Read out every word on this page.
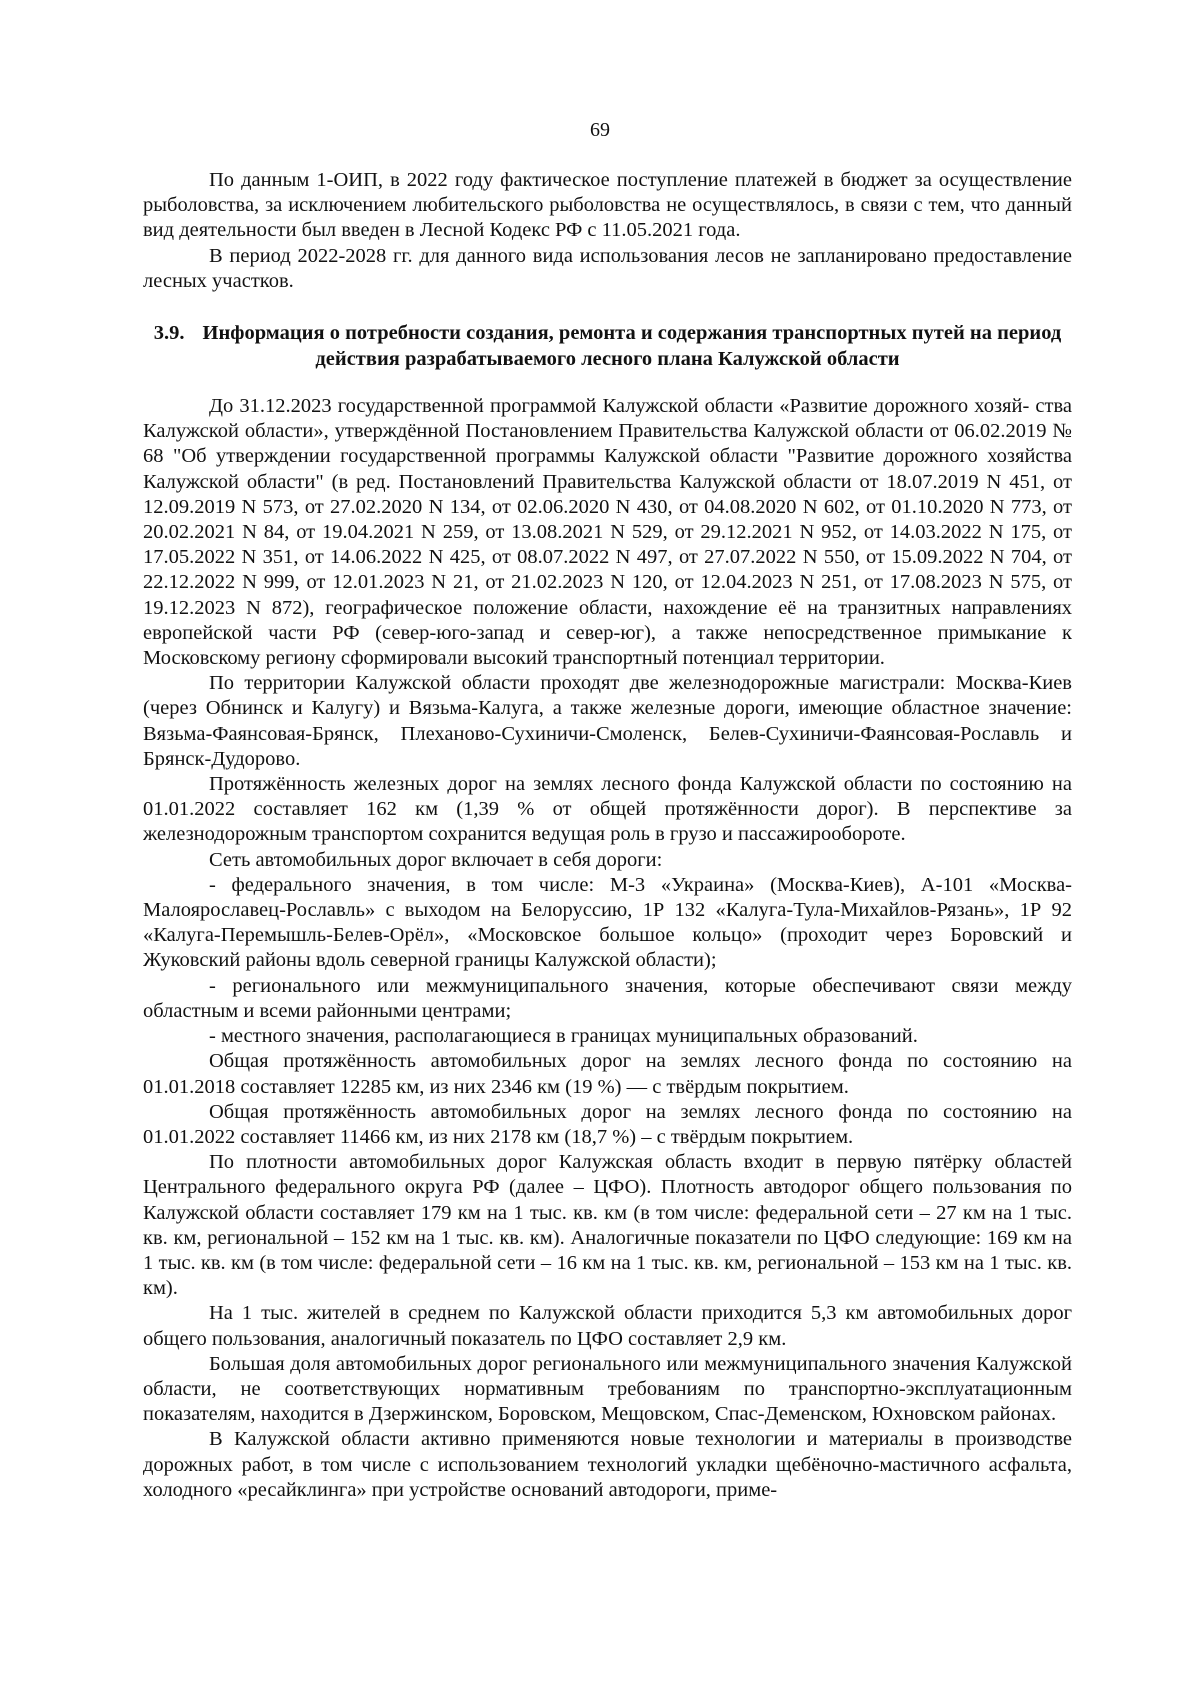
69

По данным 1-ОИП, в 2022 году фактическое поступление платежей в бюджет за осуществление рыболовства, за исключением любительского рыболовства не осуществлялось, в связи с тем, что данный вид деятельности был введен в Лесной Кодекс РФ с 11.05.2021 года.

В период 2022-2028 гг. для данного вида использования лесов не запланировано предоставление лесных участков.

3.9. Информация о потребности создания, ремонта и содержания транспортных путей на период действия разрабатываемого лесного плана Калужской области

До 31.12.2023 государственной программой Калужской области «Развитие дорожного хозяй- ства Калужской области», утверждённой Постановлением Правительства Калужской области от 06.02.2019 № 68 "Об утверждении государственной программы Калужской области "Развитие дорожного хозяйства Калужской области" (в ред. Постановлений Правительства Калужской области от 18.07.2019 N 451, от 12.09.2019 N 573, от 27.02.2020 N 134, от 02.06.2020 N 430, от 04.08.2020 N 602, от 01.10.2020 N 773, от 20.02.2021 N 84, от 19.04.2021 N 259, от 13.08.2021 N 529, от 29.12.2021 N 952, от 14.03.2022 N 175, от 17.05.2022 N 351, от 14.06.2022 N 425, от 08.07.2022 N 497, от 27.07.2022 N 550, от 15.09.2022 N 704, от 22.12.2022 N 999, от 12.01.2023 N 21, от 21.02.2023 N 120, от 12.04.2023 N 251, от 17.08.2023 N 575, от 19.12.2023 N 872), географическое положение области, нахождение её на транзитных направлениях европейской части РФ (север-юго-запад и север-юг), а также непосредственное примыкание к Московскому региону сформировали высокий транспортный потенциал территории.

По территории Калужской области проходят две железнодорожные магистрали: Москва-Киев (через Обнинск и Калугу) и Вязьма-Калуга, а также железные дороги, имеющие областное значение: Вязьма-Фаянсовая-Брянск, Плеханово-Сухиничи-Смоленск, Белев-Сухиничи-Фаянсовая-Рославль и Брянск-Дудорово.

Протяжённость железных дорог на землях лесного фонда Калужской области по состоянию на 01.01.2022 составляет 162 км (1,39 % от общей протяжённости дорог). В перспективе за железнодорожным транспортом сохранится ведущая роль в грузо и пассажирообороте.

Сеть автомобильных дорог включает в себя дороги:

- федерального значения, в том числе: М-3 «Украина» (Москва-Киев), А-101 «Москва-Малоярославец-Рославль» с выходом на Белоруссию, 1Р 132 «Калуга-Тула-Михайлов-Рязань», 1Р 92 «Калуга-Перемышль-Белев-Орёл», «Московское большое кольцо» (проходит через Боровский и Жуковский районы вдоль северной границы Калужской области);

- регионального или межмуниципального значения, которые обеспечивают связи между областным и всеми районными центрами;

- местного значения, располагающиеся в границах муниципальных образований.

Общая протяжённость автомобильных дорог на землях лесного фонда по состоянию на 01.01.2018 составляет 12285 км, из них 2346 км (19 %) — с твёрдым покрытием.

Общая протяжённость автомобильных дорог на землях лесного фонда по состоянию на 01.01.2022 составляет 11466 км, из них 2178 км (18,7 %) – с твёрдым покрытием.

По плотности автомобильных дорог Калужская область входит в первую пятёрку областей Центрального федерального округа РФ (далее – ЦФО). Плотность автодорог общего пользования по Калужской области составляет 179 км на 1 тыс. кв. км (в том числе: федеральной сети – 27 км на 1 тыс. кв. км, региональной – 152 км на 1 тыс. кв. км). Аналогичные показатели по ЦФО следующие: 169 км на 1 тыс. кв. км (в том числе: федеральной сети – 16 км на 1 тыс. кв. км, региональной – 153 км на 1 тыс. кв. км).

На 1 тыс. жителей в среднем по Калужской области приходится 5,3 км автомобильных дорог общего пользования, аналогичный показатель по ЦФО составляет 2,9 км.

Большая доля автомобильных дорог регионального или межмуниципального значения Калужской области, не соответствующих нормативным требованиям по транспортно-эксплуатационным показателям, находится в Дзержинском, Боровском, Мещовском, Спас-Деменском, Юхновском районах.

В Калужской области активно применяются новые технологии и материалы в производстве дорожных работ, в том числе с использованием технологий укладки щебёночно-мастичного асфальта, холодного «ресайклинга» при устройстве оснований автодороги, приме-
